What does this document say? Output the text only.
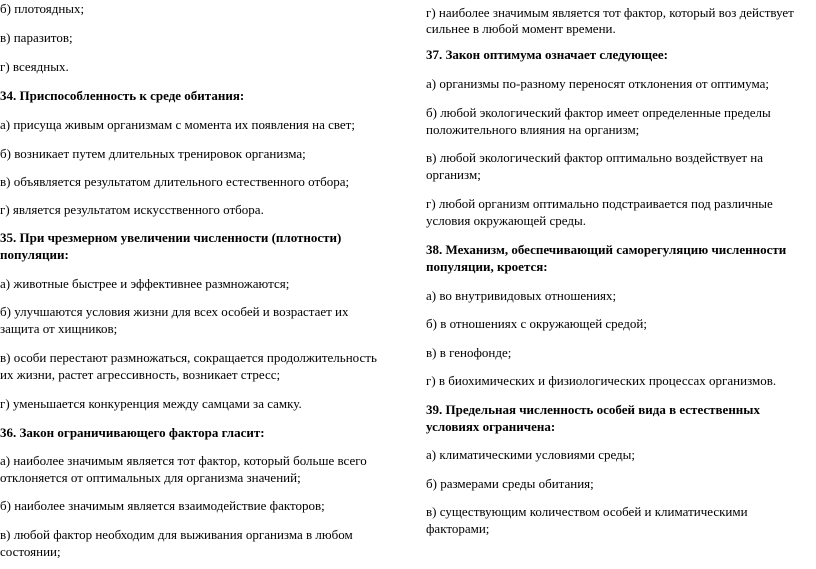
б) плотоядных;
в) паразитов;
г) всеядных.
34. Приспособленность к среде обитания:
а) присуща живым организмам с момента их появления на свет;
б) возникает путем длительных тренировок организма;
в) объявляется результатом длительного естественного отбора;
г) является результатом искусственного отбора.
35. При чрезмерном увеличении численности (плотности)
популяции:
а) животные быстрее и эффективнее размножаются;
б) улучшаются условия жизни для всех особей и возрастает их
защита от хищников;
в) особи перестают размножаться, сокращается продолжительность
их жизни, растет агрессивность, возникает стресс;
г) уменьшается конкуренция между самцами за самку.
36. Закон ограничивающего фактора гласит:
а) наиболее значимым является тот фактор, который больше всего
отклоняется от оптимальных для организма значений;
б) наиболее значимым является взаимодействие факторов;
в) любой фактор необходим для выживания организма в любом
состоянии;
г) наиболее значимым является тот фактор, который воз действует
сильнее в любой момент времени.
37. Закон оптимума означает следующее:
а) организмы по-разному переносят отклонения от оптимума;
б) любой экологический фактор имеет определенные пределы
положительного влияния на организм;
в) любой экологический фактор оптимально воздействует на
организм;
г) любой организм оптимально подстраивается под различные
условия окружающей среды.
38. Механизм, обеспечивающий саморегуляцию численности
популяции, кроется:
а) во внутривидовых отношениях;
б) в отношениях с окружающей средой;
в) в генофонде;
г) в биохимических и физиологических процессах организмов.
39. Предельная численность особей вида в естественных
условиях ограничена:
а) климатическими условиями среды;
б) размерами среды обитания;
в) существующим количеством особей и климатическими
факторами;
